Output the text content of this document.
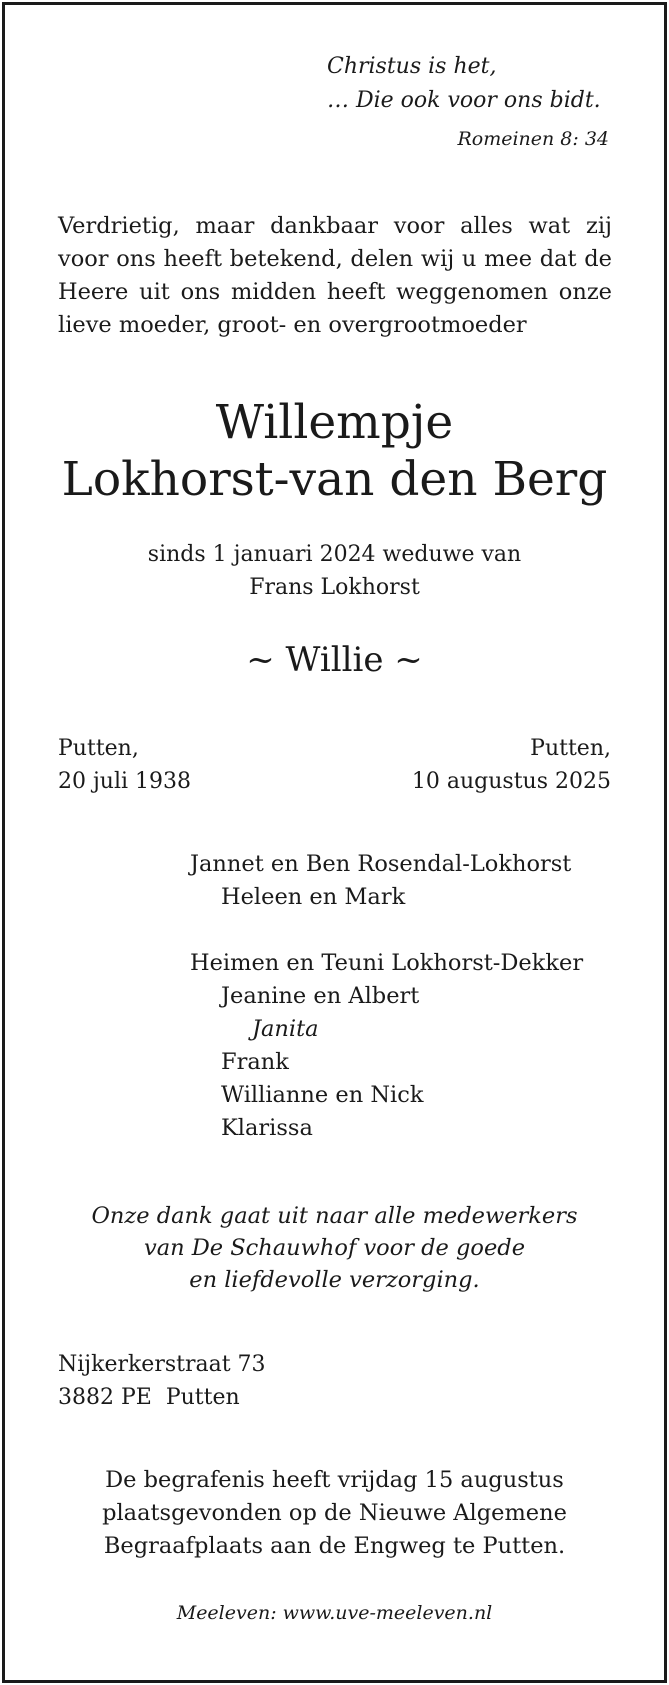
Christus is het,
… Die ook voor ons bidt.
Romeinen 8: 34
Verdrietig, maar dankbaar voor alles wat zij voor ons heeft betekend, delen wij u mee dat de Heere uit ons midden heeft weggenomen onze lieve moeder, groot- en overgrootmoeder
Willempje
Lokhorst-van den Berg
sinds 1 januari 2024 weduwe van
Frans Lokhorst
~ Willie ~
Putten,
20 juli 1938
Putten,
10 augustus 2025
Jannet en Ben Rosendal-Lokhorst
Heleen en Mark
Heimen en Teuni Lokhorst-Dekker
Jeanine en Albert
Janita
Frank
Willianne en Nick
Klarissa
Onze dank gaat uit naar alle medewerkers
van De Schauwhof voor de goede
en liefdevolle verzorging.
Nijkerkerstraat 73
3882 PE  Putten
De begrafenis heeft vrijdag 15 augustus
plaatsgevonden op de Nieuwe Algemene
Begraafplaats aan de Engweg te Putten.
Meeleven: www.uve-meeleven.nl
